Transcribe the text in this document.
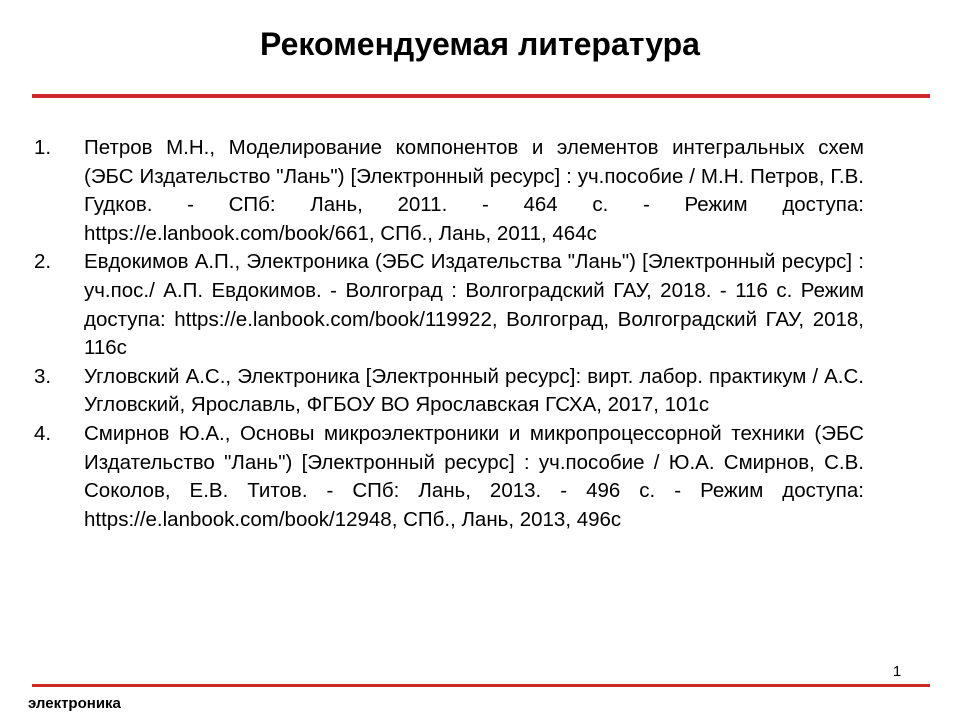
Рекомендуемая литература
1. Петров М.Н., Моделирование компонентов и элементов интегральных схем (ЭБС Издательство "Лань") [Электронный ресурс] : уч.пособие / М.Н. Петров, Г.В. Гудков. - СПб: Лань, 2011. - 464 с. - Режим доступа: https://e.lanbook.com/book/661, СПб., Лань, 2011, 464с
2. Евдокимов А.П., Электроника (ЭБС Издательства "Лань") [Электронный ресурс] : уч.пос./ А.П. Евдокимов. - Волгоград : Волгоградский ГАУ, 2018. - 116 с. Режим доступа: https://e.lanbook.com/book/119922, Волгоград, Волгоградский ГАУ, 2018, 116с
3. Угловский А.С., Электроника [Электронный ресурс]: вирт. лабор. практикум / А.С. Угловский, Ярославль, ФГБОУ ВО Ярославская ГСХА, 2017, 101с
4. Смирнов Ю.А., Основы микроэлектроники и микропроцессорной техники (ЭБС Издательство "Лань") [Электронный ресурс] : уч.пособие / Ю.А. Смирнов, С.В. Соколов, Е.В. Титов. - СПб: Лань, 2013. - 496 с. - Режим доступа: https://e.lanbook.com/book/12948, СПб., Лань, 2013, 496с
1
электроника
